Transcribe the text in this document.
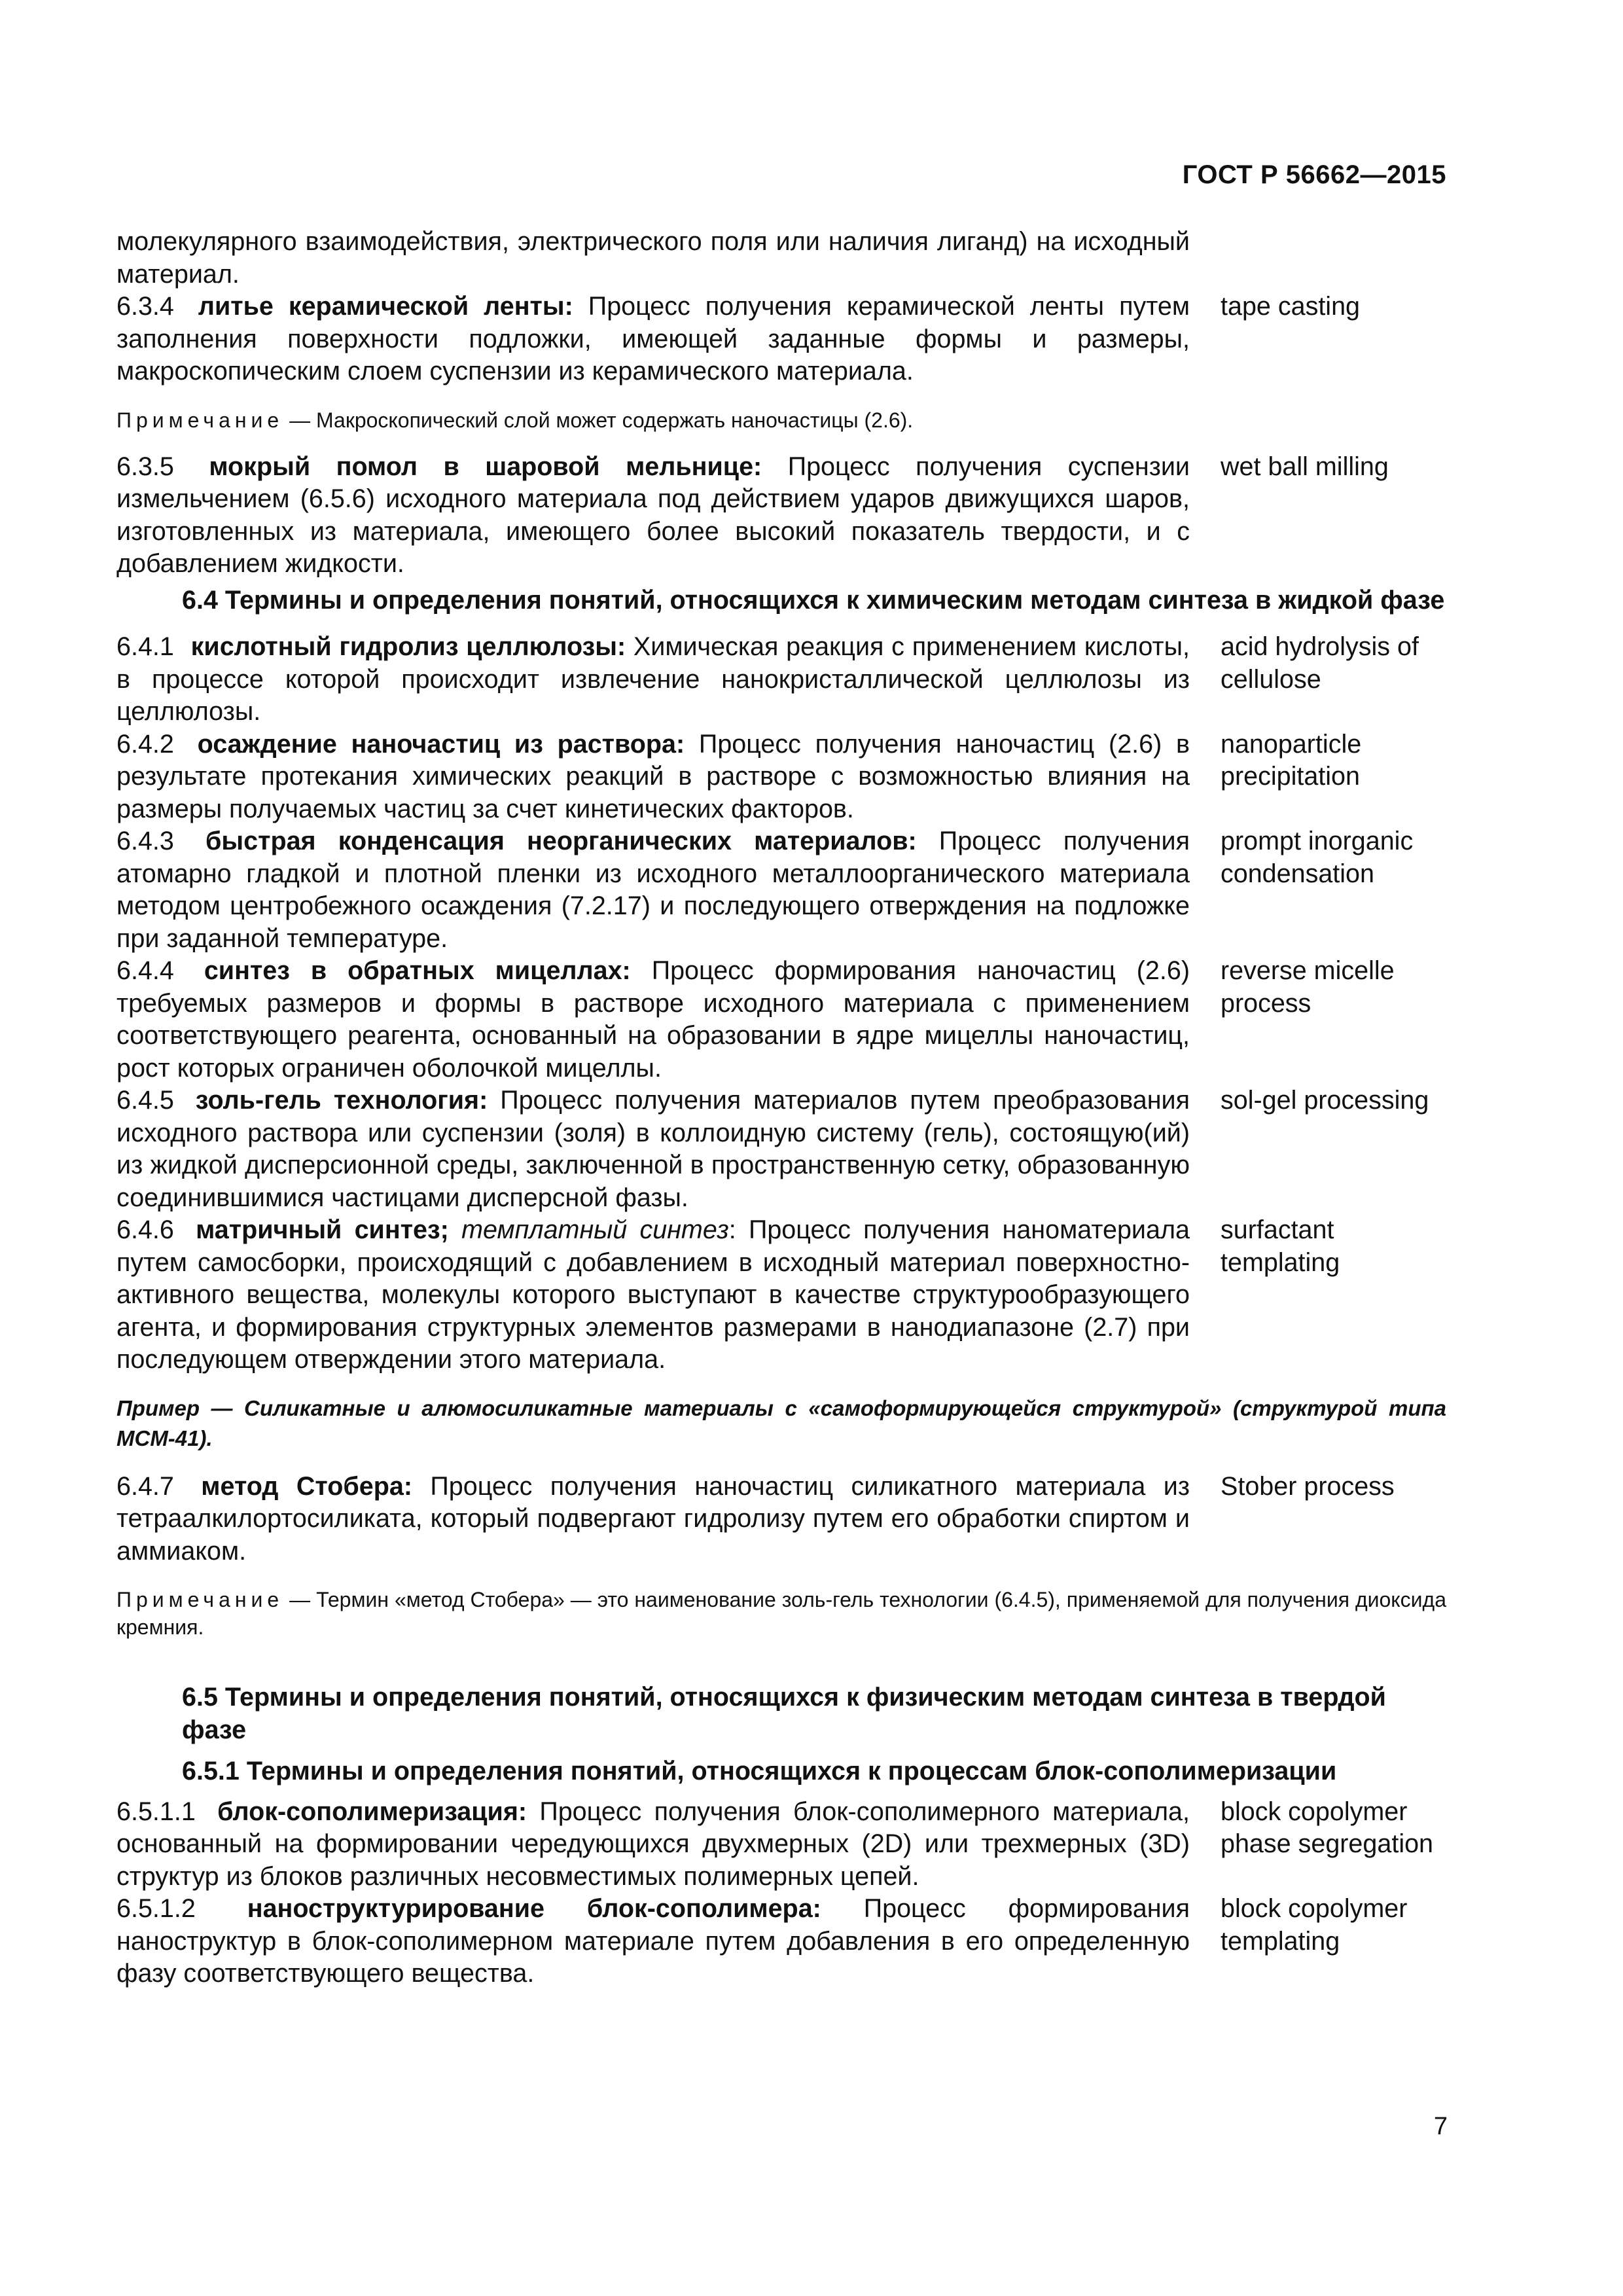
ГОСТ Р 56662—2015
молекулярного взаимодействия, электрического поля или наличия лиганд) на исходный материал.
6.3.4 литье керамической ленты: Процесс получения керамической ленты путем заполнения поверхности подложки, имеющей заданные формы и размеры, макроскопическим слоем суспензии из керамического материала.
tape casting
Примечание — Макроскопический слой может содержать наночастицы (2.6).
6.3.5 мокрый помол в шаровой мельнице: Процесс получения суспензии измельчением (6.5.6) исходного материала под действием ударов движущихся шаров, изготовленных из материала, имеющего более высокий показатель твердости, и с добавлением жидкости.
wet ball milling
6.4 Термины и определения понятий, относящихся к химическим методам синтеза в жидкой фазе
6.4.1 кислотный гидролиз целлюлозы: Химическая реакция с применением кислоты, в процессе которой происходит извлечение нанокристаллической целлюлозы из целлюлозы.
acid hydrolysis of cellulose
6.4.2 осаждение наночастиц из раствора: Процесс получения наночастиц (2.6) в результате протекания химических реакций в растворе с возможностью влияния на размеры получаемых частиц за счет кинетических факторов.
nanoparticle precipitation
6.4.3 быстрая конденсация неорганических материалов: Процесс получения атомарно гладкой и плотной пленки из исходного металлоорганического материала методом центробежного осаждения (7.2.17) и последующего отверждения на подложке при заданной температуре.
prompt inorganic condensation
6.4.4 синтез в обратных мицеллах: Процесс формирования наночастиц (2.6) требуемых размеров и формы в растворе исходного материала с применением соответствующего реагента, основанный на образовании в ядре мицеллы наночастиц, рост которых ограничен оболочкой мицеллы.
reverse micelle process
6.4.5 золь-гель технология: Процесс получения материалов путем преобразования исходного раствора или суспензии (золя) в коллоидную систему (гель), состоящую(ий) из жидкой дисперсионной среды, заключенной в пространственную сетку, образованную соединившимися частицами дисперсной фазы.
sol-gel processing
6.4.6 матричный синтез; темплатный синтез: Процесс получения наноматериала путем самосборки, происходящий с добавлением в исходный материал поверхностно-активного вещества, молекулы которого выступают в качестве структурообразующего агента, и формирования структурных элементов размерами в нанодиапазоне (2.7) при последующем отверждении этого материала.
surfactant templating
Пример — Силикатные и алюмосиликатные материалы с «самоформирующейся структурой» (структурой типа MCM-41).
6.4.7 метод Стобера: Процесс получения наночастиц силикатного материала из тетраалкилортосиликата, который подвергают гидролизу путем его обработки спиртом и аммиаком.
Stober process
Примечание — Термин «метод Стобера» — это наименование золь-гель технологии (6.4.5), применяемой для получения диоксида кремния.
6.5 Термины и определения понятий, относящихся к физическим методам синтеза в твердой фазе
6.5.1 Термины и определения понятий, относящихся к процессам блок-сополимеризации
6.5.1.1 блок-сополимеризация: Процесс получения блок-сополимерного материала, основанный на формировании чередующихся двухмерных (2D) или трехмерных (3D) структур из блоков различных несовместимых полимерных цепей.
block copolymer phase segregation
6.5.1.2 наноструктурирование блок-сополимера: Процесс формирования наноструктур в блок-сополимерном материале путем добавления в его определенную фазу соответствующего вещества.
block copolymer templating
7
